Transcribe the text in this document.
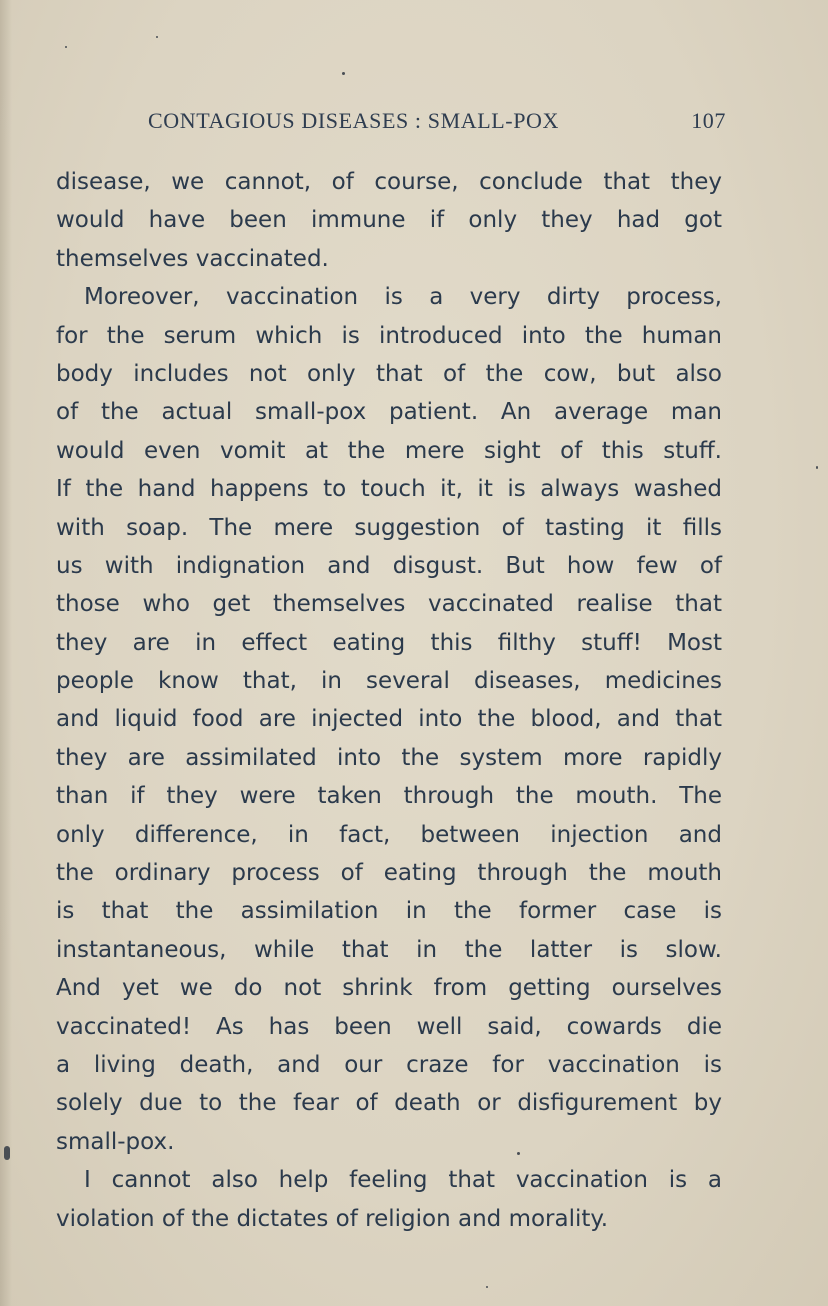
CONTAGIOUS DISEASES : SMALL-POX	107
disease, we cannot, of course, conclude that they
would have been immune if only they had got
themselves vaccinated.
Moreover, vaccination is a very dirty process,
for the serum which is introduced into the human
body includes not only that of the cow, but also
of the actual small-pox patient. An average man
would even vomit at the mere sight of this stuff.
If the hand happens to touch it, it is always washed
with soap. The mere suggestion of tasting it fills
us with indignation and disgust. But how few of
those who get themselves vaccinated realise that
they are in effect eating this filthy stuff! Most
people know that, in several diseases, medicines
and liquid food are injected into the blood, and that
they are assimilated into the system more rapidly
than if they were taken through the mouth. The
only difference, in fact, between injection and
the ordinary process of eating through the mouth
is that the assimilation in the former case is
instantaneous, while that in the latter is slow.
And yet we do not shrink from getting ourselves
vaccinated! As has been well said, cowards die
a living death, and our craze for vaccination is
solely due to the fear of death or disfigurement by
small-pox.
I cannot also help feeling that vaccination is a
violation of the dictates of religion and morality.
